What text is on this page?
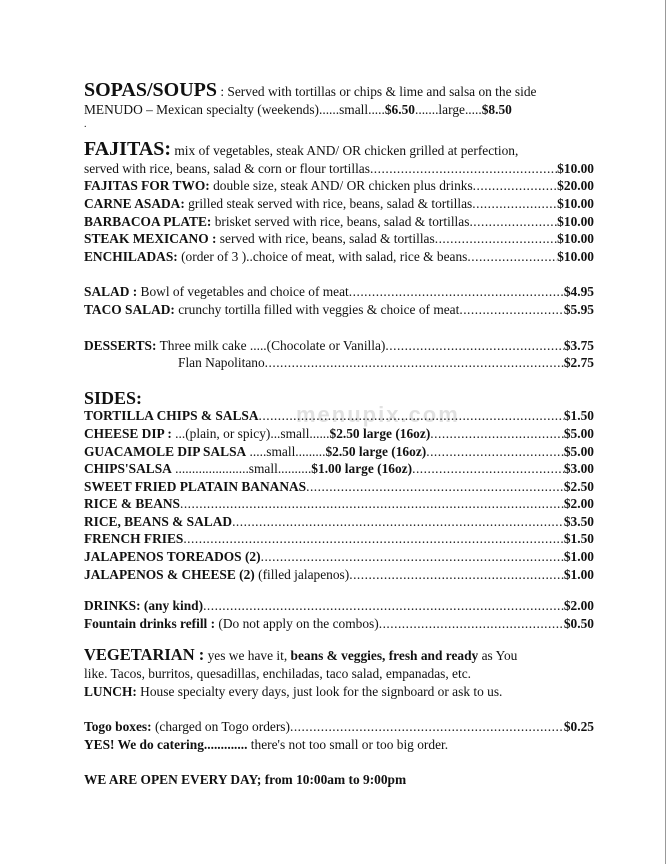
menupix.com
SOPAS/SOUPS : Served with tortillas or chips & lime and salsa on the side
MENUDO – Mexican specialty (weekends)......small..... $6.50 .......large..... $8.50
.
FAJITAS: mix of vegetables, steak AND/ OR chicken grilled at perfection,
served with rice, beans, salad & corn or flour tortillas .....	$10.00
FAJITAS FOR TWO: double size, steak AND/ OR chicken plus drinks .....	$20.00
CARNE ASADA: grilled steak served with rice, beans, salad & tortillas .....	$10.00
BARBACOA PLATE: brisket served with rice, beans, salad & tortillas .....	$10.00
STEAK MEXICANO : served with rice, beans, salad & tortillas .....	$10.00
ENCHILADAS: (order of 3 )..choice of meat, with salad, rice & beans .....	$10.00
SALAD : Bowl of vegetables and choice of meat .....	$4.95
TACO SALAD: crunchy tortilla filled with veggies & choice of meat .....	$5.95
DESSERTS: Three milk cake .....(Chocolate or Vanilla) .....	$3.75
Flan Napolitano .....	$2.75
SIDES:
TORTILLA CHIPS & SALSA .....	$1.50
CHEESE DIP : ...(plain, or spicy)...small......$2.50 large (16oz) .....	$5.00
GUACAMOLE DIP SALSA .....small.........$2.50 large (16oz) .....	$5.00
CHIPS'SALSA ......................small..........$1.00 large (16oz) .....	$3.00
SWEET FRIED PLATAIN BANANAS .....	$2.50
RICE & BEANS .....	$2.00
RICE, BEANS & SALAD .....	$3.50
FRENCH FRIES .....	$1.50
JALAPENOS TOREADOS (2) .....	$1.00
JALAPENOS & CHEESE (2) (filled jalapenos) .....	$1.00
DRINKS: (any kind) .....	$2.00
Fountain drinks refill : (Do not apply on the combos) .....	$0.50
VEGETARIAN : yes we have it, beans & veggies, fresh and ready as You
like. Tacos, burritos, quesadillas, enchiladas, taco salad, empanadas, etc.
LUNCH: House specialty every days, just look for the signboard or ask to us.
Togo boxes: (charged on Togo orders) .....	$0.25
YES! We do catering............. there's not too small or too big order.
WE ARE OPEN EVERY DAY; from 10:00am to 9:00pm
